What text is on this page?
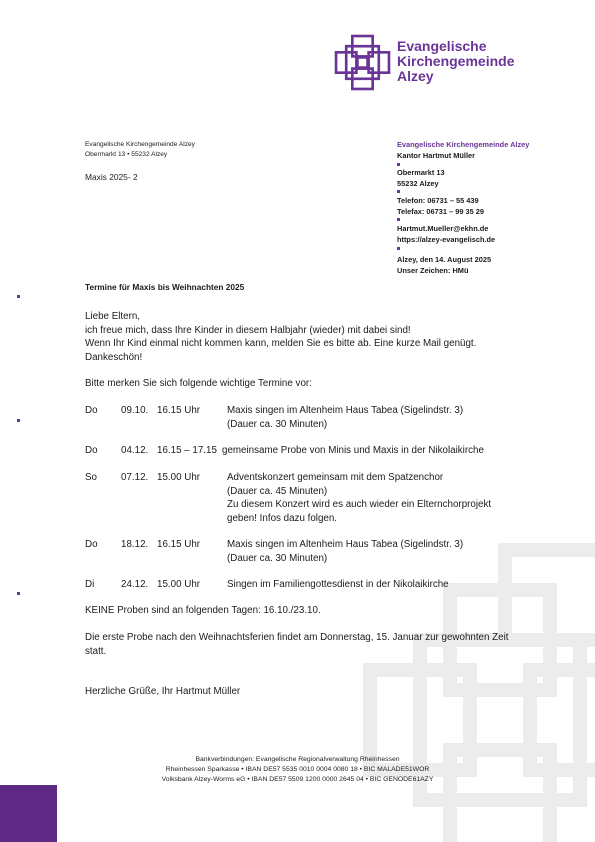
Evangelische
Kirchengemeinde
Alzey
Evangelische Kirchengemeinde Alzey
Obermarkt 13 • 55232 Alzey
Maxis 2025- 2
Evangelische Kirchengemeinde Alzey
Kantor Hartmut Müller
Obermarkt 13
55232 Alzey
Telefon: 06731 – 55 439
Telefax: 06731 – 99 35 29
Hartmut.Mueller@ekhn.de
https://alzey-evangelisch.de
Alzey, den 14. August 2025
Unser Zeichen: HMü
Termine für Maxis bis Weihnachten 2025
Liebe Eltern,
ich freue mich, dass Ihre Kinder in diesem Halbjahr (wieder) mit dabei sind!
Wenn Ihr Kind einmal nicht kommen kann, melden Sie es bitte ab. Eine kurze Mail genügt.
Dankeschön!
Bitte merken Sie sich folgende wichtige Termine vor:
Do 09.10. 16.15 Uhr	Maxis singen im Altenheim Haus Tabea (Sigelindstr. 3)
(Dauer ca. 30 Minuten)
Do 04.12. 16.15 – 17.15 gemeinsame Probe von Minis und Maxis in der Nikolaikirche
So 07.12. 15.00 Uhr	Adventskonzert gemeinsam mit dem Spatzenchor
(Dauer ca. 45 Minuten)
Zu diesem Konzert wird es auch wieder ein Elternchorprojekt
geben! Infos dazu folgen.
Do 18.12. 16.15 Uhr	Maxis singen im Altenheim Haus Tabea (Sigelindstr. 3)
(Dauer ca. 30 Minuten)
Di	24.12. 15.00 Uhr	Singen im Familiengottesdienst in der Nikolaikirche
KEINE Proben sind an folgenden Tagen: 16.10./23.10.
Die erste Probe nach den Weihnachtsferien findet am Donnerstag, 15. Januar zur gewohnten Zeit
statt.
Herzliche Grüße, Ihr Hartmut Müller
Bankverbindungen: Evangelische Regionalverwaltung Rheinhessen
Rheinhessen Sparkasse • IBAN DE57 5535 0010 0004 0080 18 • BIC MALADE51WOR
Volksbank Alzey-Worms eG • IBAN DE57 5509 1200 0000 2645 04 • BIC GENODE61AZY
